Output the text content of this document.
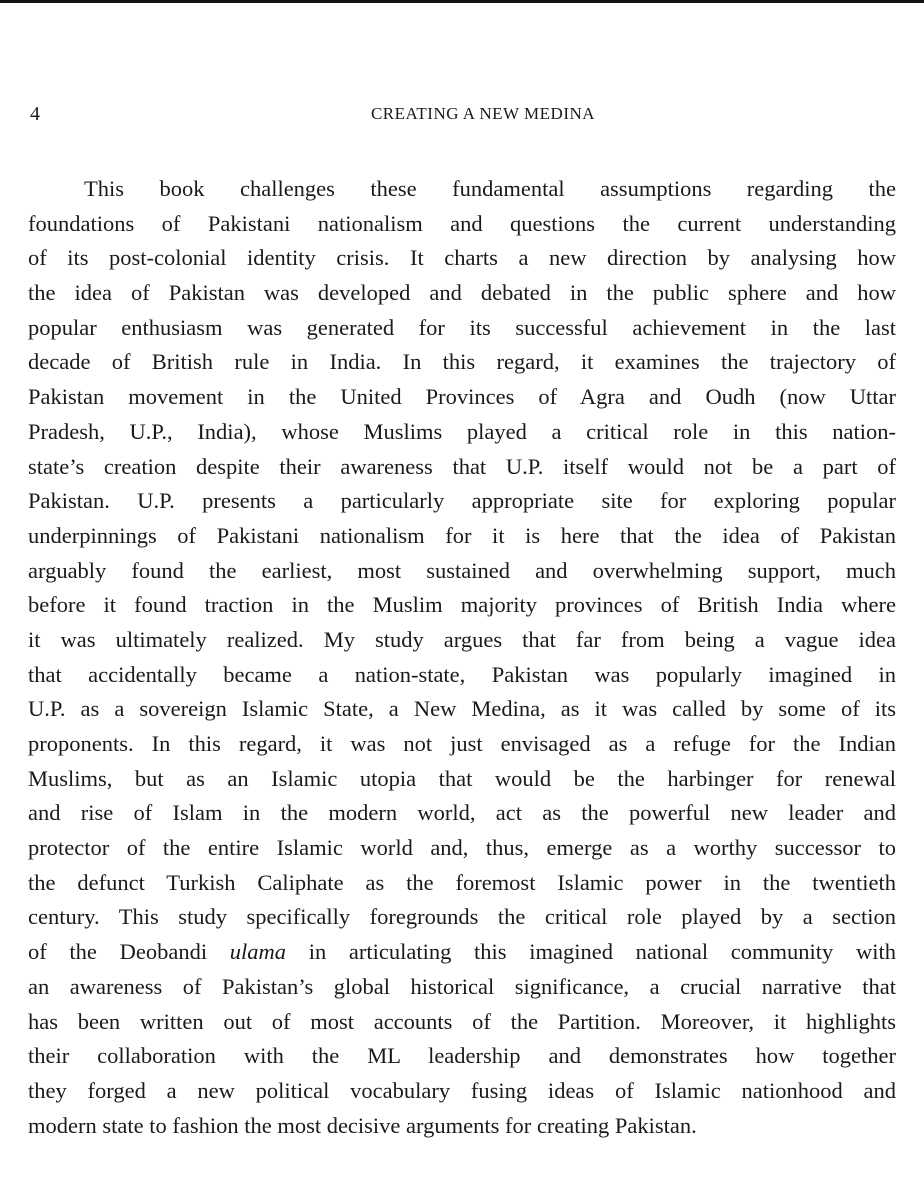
4	CREATING A NEW MEDINA
This book challenges these fundamental assumptions regarding the
foundations of Pakistani nationalism and questions the current understanding
of its post-colonial identity crisis. It charts a new direction by analysing how
the idea of Pakistan was developed and debated in the public sphere and how
popular enthusiasm was generated for its successful achievement in the last
decade of British rule in India. In this regard, it examines the trajectory of
Pakistan movement in the United Provinces of Agra and Oudh (now Uttar
Pradesh, U.P., India), whose Muslims played a critical role in this nation-
state’s creation despite their awareness that U.P. itself would not be a part of
Pakistan. U.P. presents a particularly appropriate site for exploring popular
underpinnings of Pakistani nationalism for it is here that the idea of Pakistan
arguably found the earliest, most sustained and overwhelming support, much
before it found traction in the Muslim majority provinces of British India where
it was ultimately realized. My study argues that far from being a vague idea
that accidentally became a nation-state, Pakistan was popularly imagined in
U.P. as a sovereign Islamic State, a New Medina, as it was called by some of its
proponents. In this regard, it was not just envisaged as a refuge for the Indian
Muslims, but as an Islamic utopia that would be the harbinger for renewal
and rise of Islam in the modern world, act as the powerful new leader and
protector of the entire Islamic world and, thus, emerge as a worthy successor to
the defunct Turkish Caliphate as the foremost Islamic power in the twentieth
century. This study specifically foregrounds the critical role played by a section
of the Deobandi ulama in articulating this imagined national community with
an awareness of Pakistan’s global historical significance, a crucial narrative that
has been written out of most accounts of the Partition. Moreover, it highlights
their collaboration with the ML leadership and demonstrates how together
they forged a new political vocabulary fusing ideas of Islamic nationhood and
modern state to fashion the most decisive arguments for creating Pakistan.
